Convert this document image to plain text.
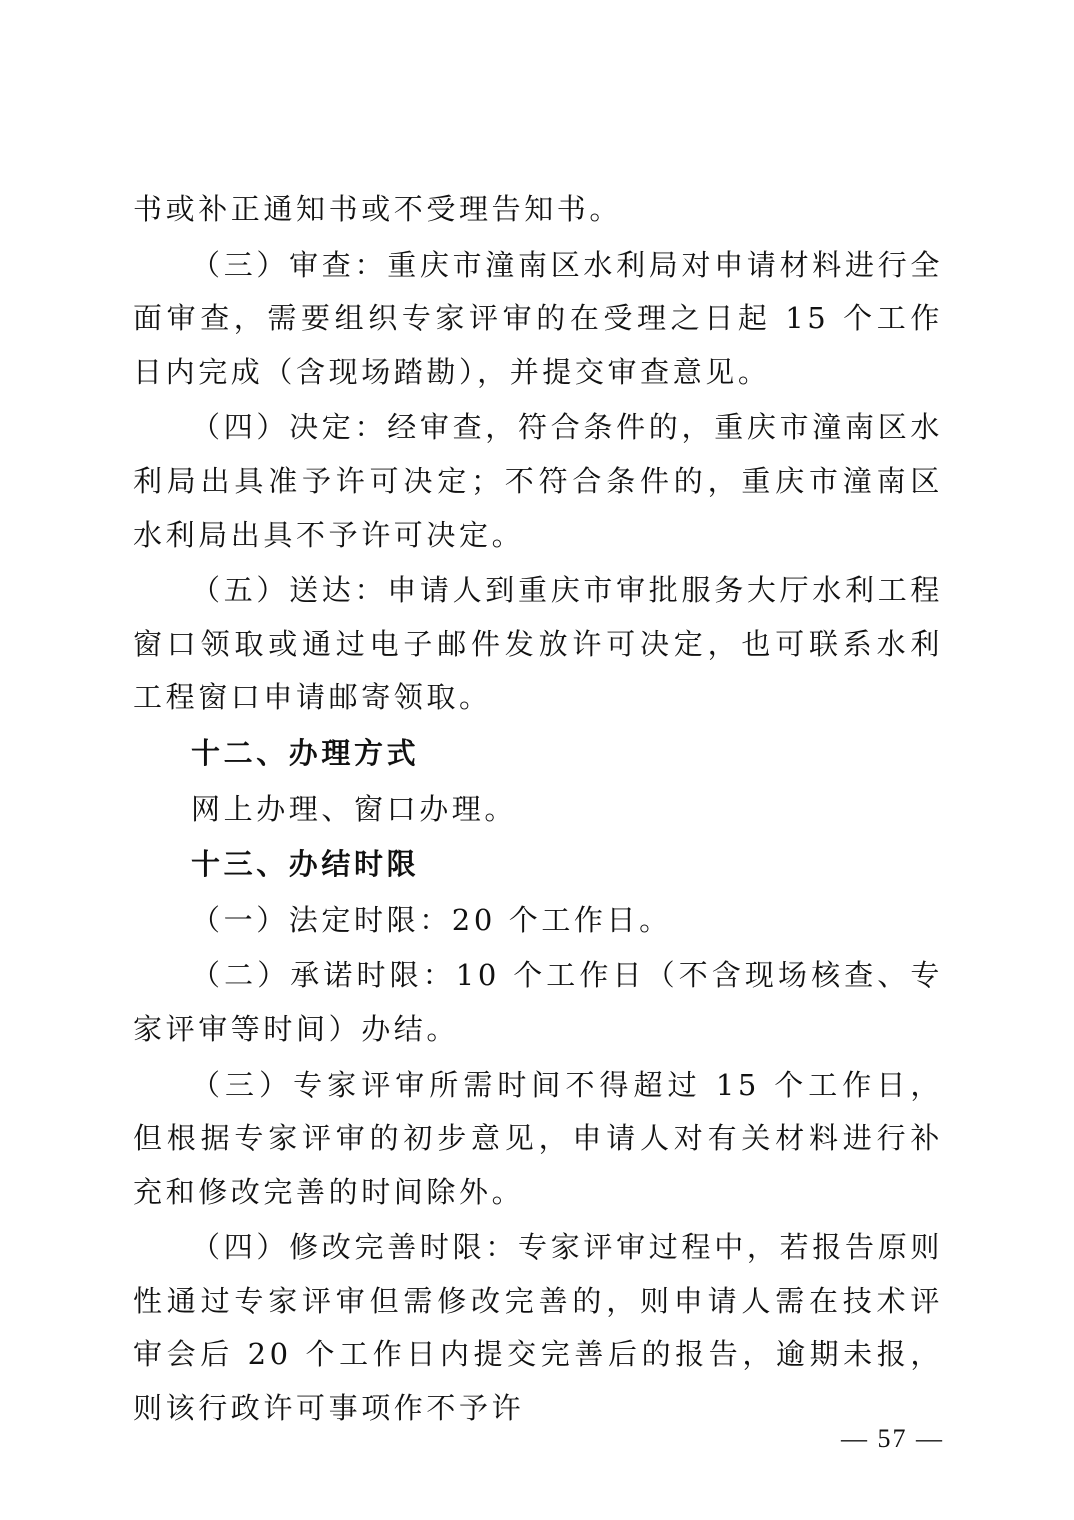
书或补正通知书或不受理告知书。

（三）审查：重庆市潼南区水利局对申请材料进行全面审查，需要组织专家评审的在受理之日起 15 个工作日内完成（含现场踏勘），并提交审查意见。

（四）决定：经审查，符合条件的，重庆市潼南区水利局出具准予许可决定；不符合条件的，重庆市潼南区水利局出具不予许可决定。

（五）送达：申请人到重庆市审批服务大厅水利工程窗口领取或通过电子邮件发放许可决定，也可联系水利工程窗口申请邮寄领取。

十二、办理方式

网上办理、窗口办理。

十三、办结时限

（一）法定时限：20 个工作日。

（二）承诺时限：10 个工作日（不含现场核查、专家评审等时间）办结。

（三）专家评审所需时间不得超过 15 个工作日，但根据专家评审的初步意见，申请人对有关材料进行补充和修改完善的时间除外。

（四）修改完善时限：专家评审过程中，若报告原则性通过专家评审但需修改完善的，则申请人需在技术评审会后 20 个工作日内提交完善后的报告，逾期未报，则该行政许可事项作不予许

— 57 —
